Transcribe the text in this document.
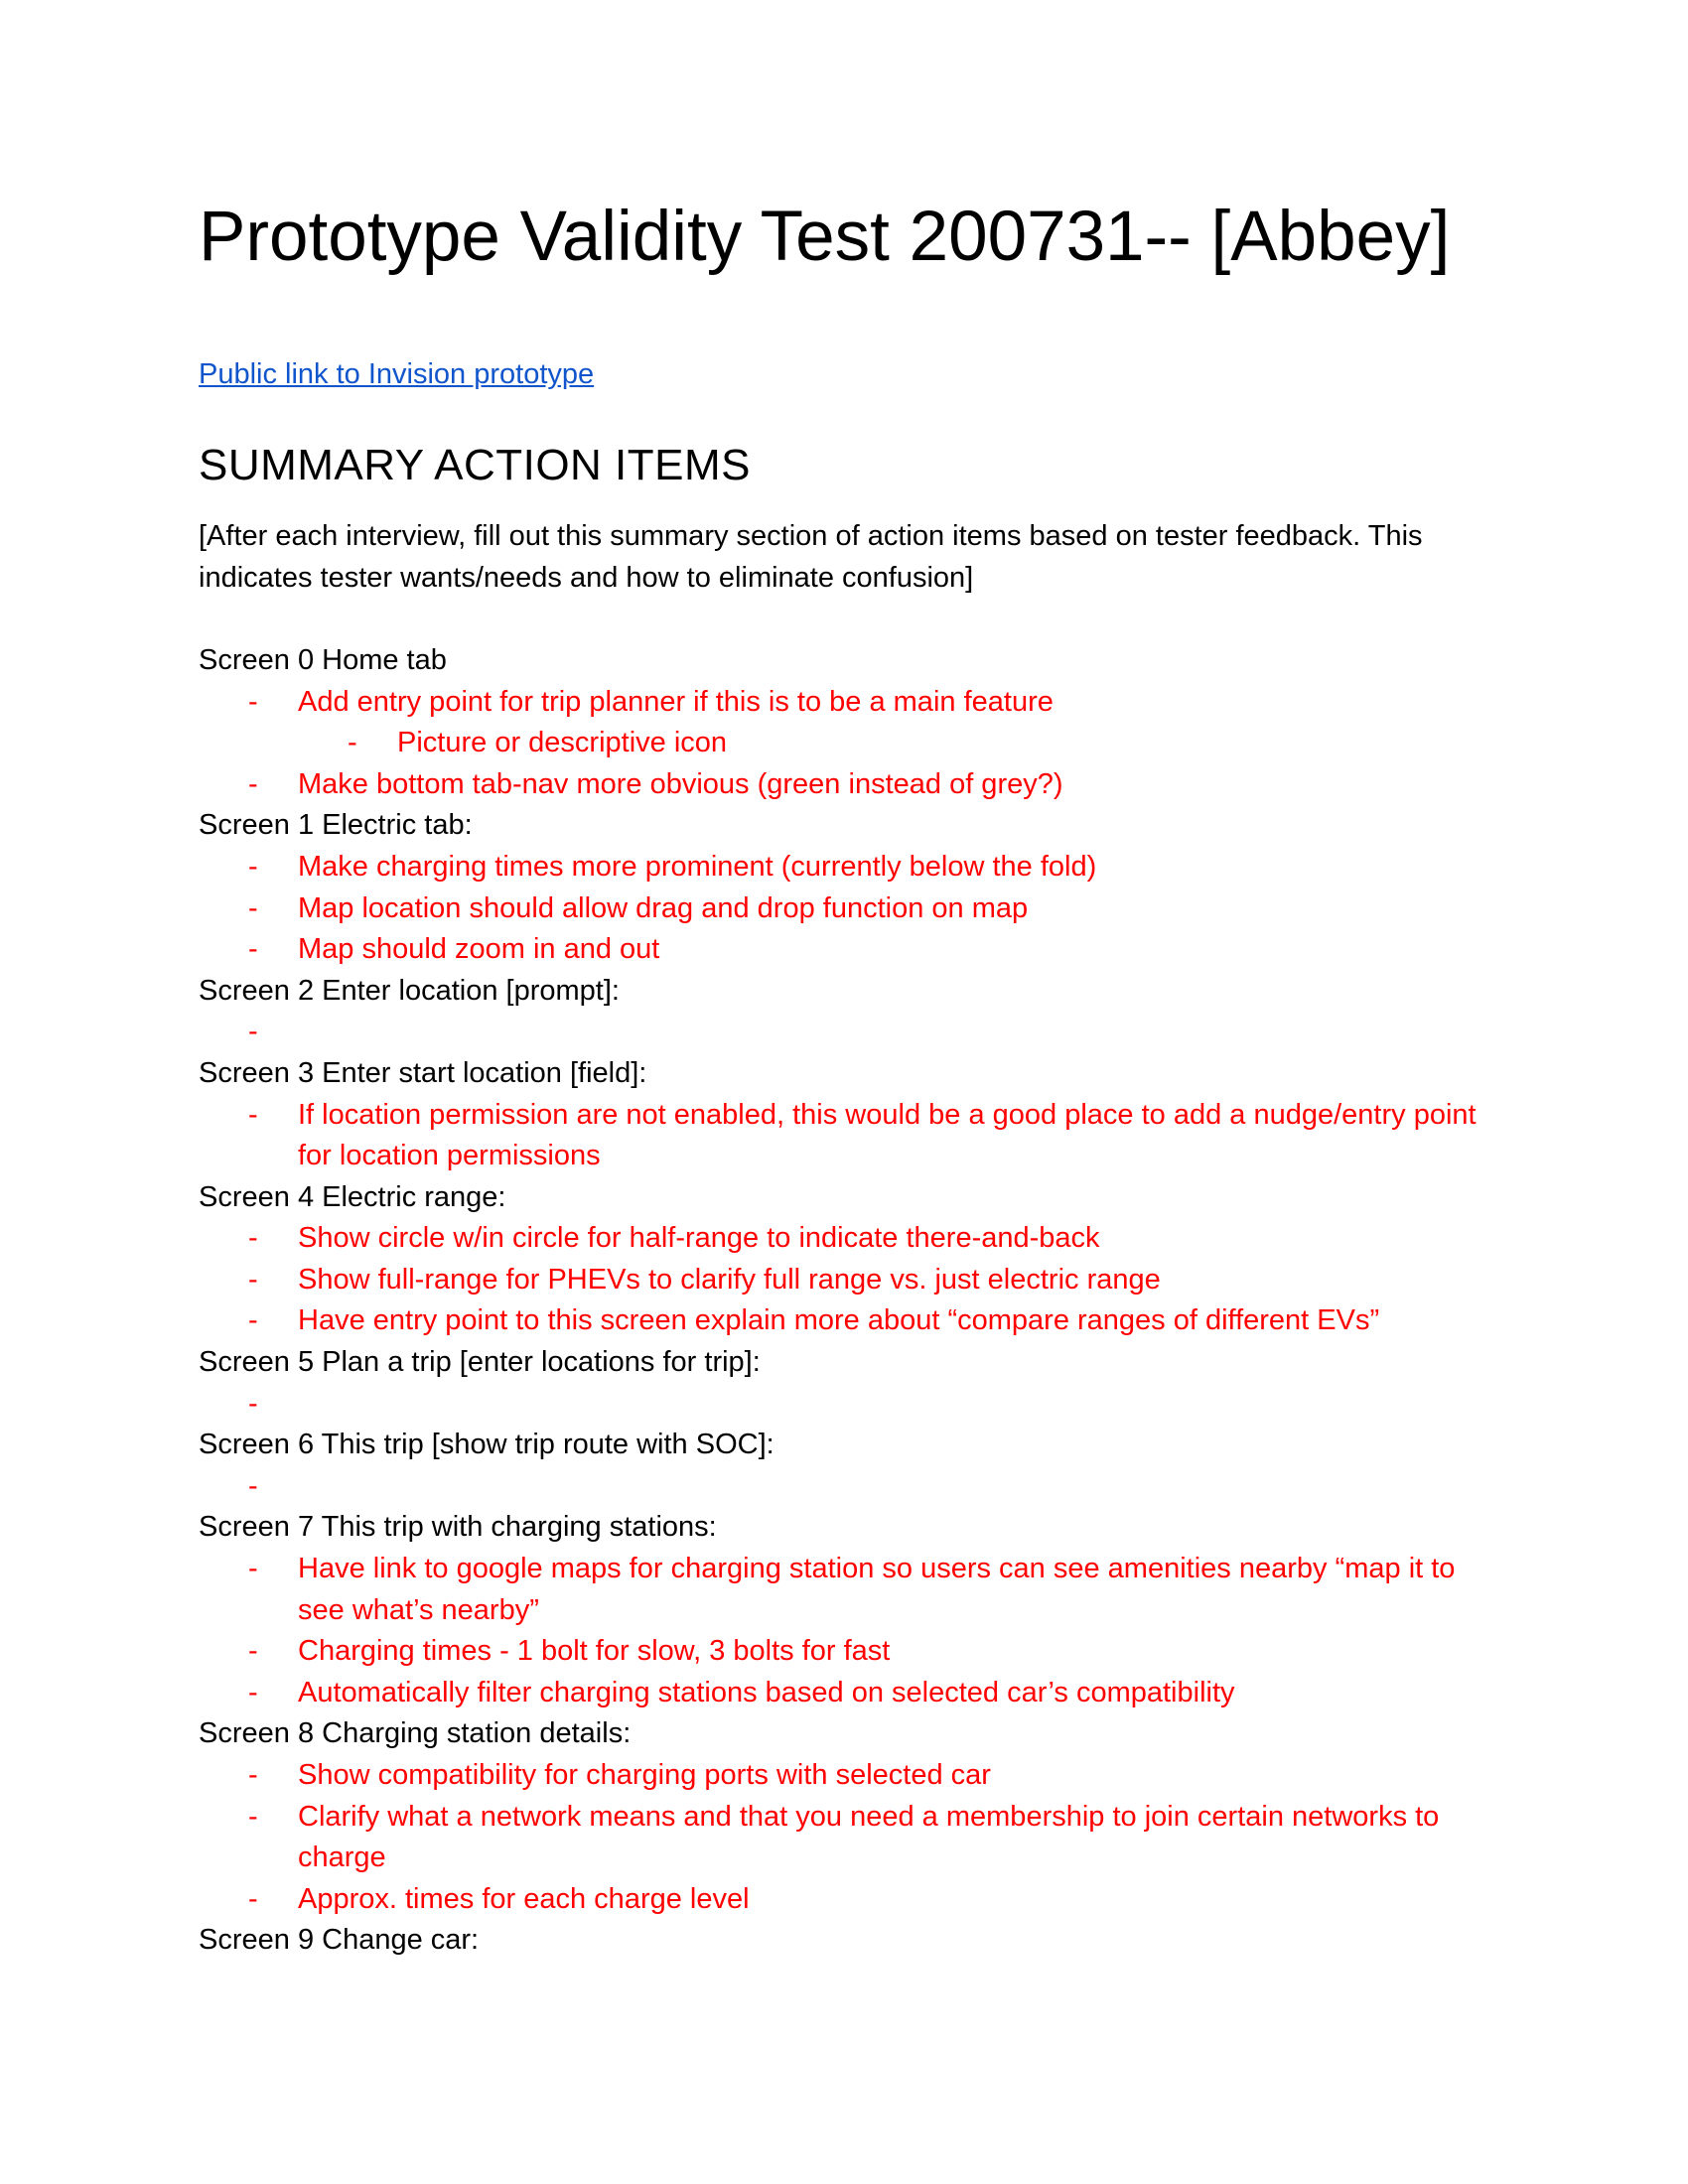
Prototype Validity Test 200731-- [Abbey]
Public link to Invision prototype
SUMMARY ACTION ITEMS

[After each interview, fill out this summary section of action items based on tester feedback. This indicates tester wants/needs and how to eliminate confusion]

Screen 0 Home tab

- Add entry point for trip planner if this is to be a main feature
- Picture or descriptive icon
- Make bottom tab-nav more obvious (green instead of grey?)

Screen 1 Electric tab:

- Make charging times more prominent (currently below the fold)
- Map location should allow drag and drop function on map
- Map should zoom in and out

Screen 2 Enter location [prompt]:

-

Screen 3 Enter start location [field]:

- If location permission are not enabled, this would be a good place to add a nudge/entry point for location permissions

Screen 4 Electric range:

- Show circle w/in circle for half-range to indicate there-and-back
- Show full-range for PHEVs to clarify full range vs. just electric range
- Have entry point to this screen explain more about “compare ranges of different EVs”

Screen 5 Plan a trip [enter locations for trip]:

-

Screen 6 This trip [show trip route with SOC]:

-

Screen 7 This trip with charging stations:

- Have link to google maps for charging station so users can see amenities nearby “map it to see what’s nearby”
- Charging times - 1 bolt for slow, 3 bolts for fast
- Automatically filter charging stations based on selected car’s compatibility

Screen 8 Charging station details:

- Show compatibility for charging ports with selected car
- Clarify what a network means and that you need a membership to join certain networks to charge
- Approx. times for each charge level

Screen 9 Change car:
